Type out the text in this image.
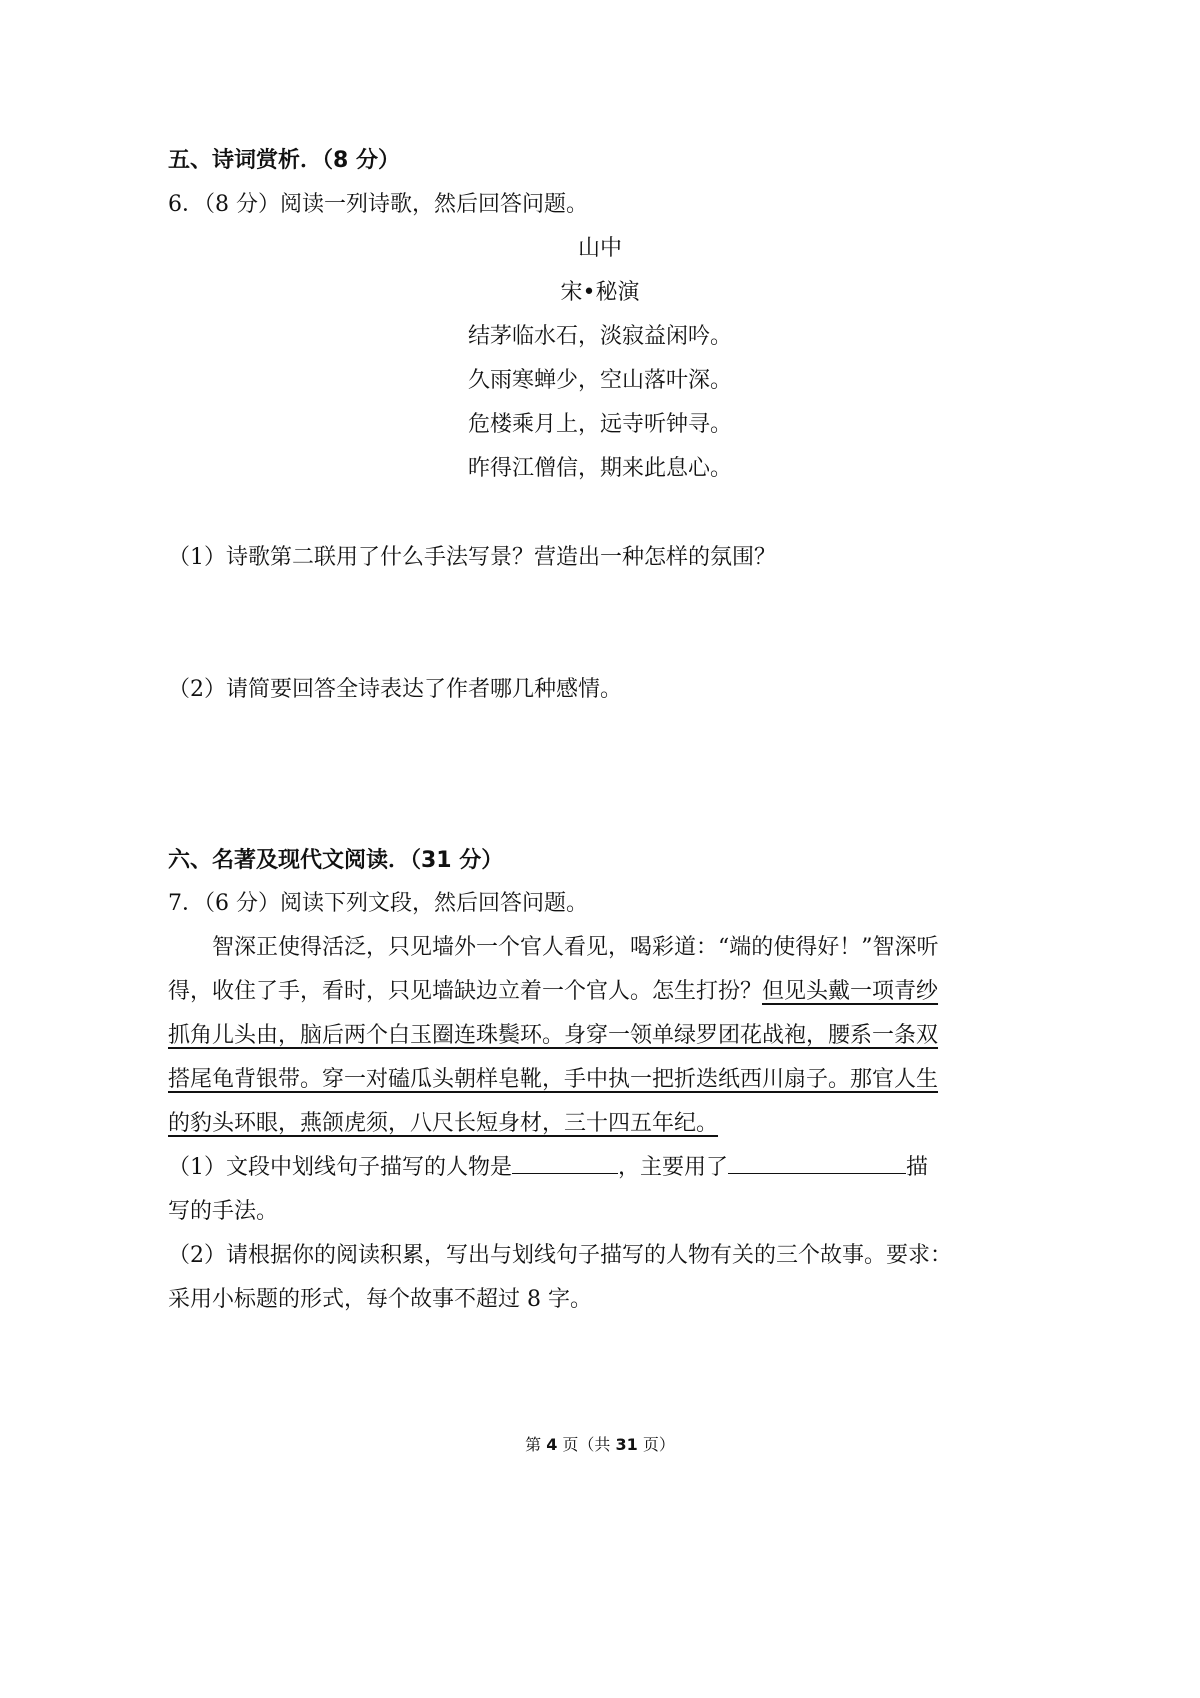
五、诗词赏析．（8 分）
6．（8 分）阅读一列诗歌，然后回答问题。
山中
宋•秘演
结茅临水石，淡寂益闲吟。
久雨寒蝉少，空山落叶深。
危楼乘月上，远寺听钟寻。
昨得江僧信，期来此息心。
（1）诗歌第二联用了什么手法写景？营造出一种怎样的氛围？
（2）请简要回答全诗表达了作者哪几种感情。
六、名著及现代文阅读．（31 分）
7．（6 分）阅读下列文段，然后回答问题。
智深正使得活泛，只见墙外一个官人看见，喝彩道：“端的使得好！”智深听
得，收住了手，看时，只见墙缺边立着一个官人。怎生打扮？但见头戴一项青纱
抓角儿头由，脑后两个白玉圈连珠鬓环。身穿一领单绿罗团花战袍，腰系一条双
搭尾龟背银带。穿一对磕瓜头朝样皂靴，手中执一把折迭纸西川扇子。那官人生
的豹头环眼，燕颌虎须，八尺长短身材，三十四五年纪。
（1）文段中划线句子描写的人物是	，主要用了	描
写的手法。
（2）请根据你的阅读积累，写出与划线句子描写的人物有关的三个故事。要求：
采用小标题的形式，每个故事不超过 8 字。
第 4 页（共 31 页）
